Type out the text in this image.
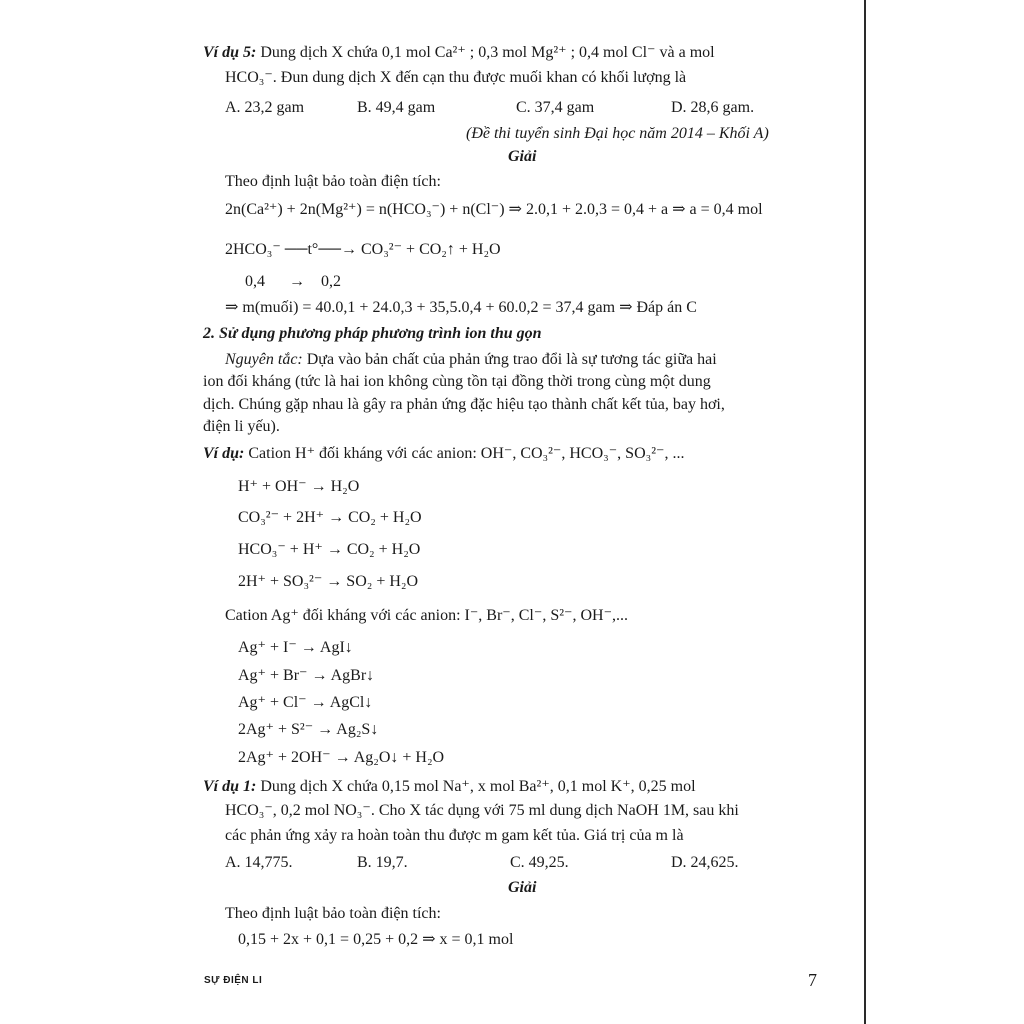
Ví dụ 5: Dung dịch X chứa 0,1 mol Ca²⁺ ; 0,3 mol Mg²⁺ ; 0,4 mol Cl⁻ và a mol
HCO₃⁻. Đun dung dịch X đến cạn thu được muối khan có khối lượng là
A. 23,2 gam	B. 49,4 gam	C. 37,4 gam	D. 28,6 gam.
(Đề thi tuyển sinh Đại học năm 2014 – Khối A)
Giải
Theo định luật bảo toàn điện tích:
2n(Ca²⁺) + 2n(Mg²⁺) = n(HCO₃⁻) + n(Cl⁻) ⇒ 2.0,1 + 2.0,3 = 0,4 + a ⇒ a = 0,4 mol
2HCO₃⁻ ──t°──→ CO₃²⁻ + CO₂↑ + H₂O
0,4      →    0,2
⇒ m(muối) = 40.0,1 + 24.0,3 + 35,5.0,4 + 60.0,2 = 37,4 gam ⇒ Đáp án C
2. Sử dụng phương pháp phương trình ion thu gọn
Nguyên tắc: Dựa vào bản chất của phản ứng trao đổi là sự tương tác giữa hai
ion đối kháng (tức là hai ion không cùng tồn tại đồng thời trong cùng một dung
dịch. Chúng gặp nhau là gây ra phản ứng đặc hiệu tạo thành chất kết tủa, bay hơi,
điện li yếu).
Ví dụ: Cation H⁺ đối kháng với các anion: OH⁻, CO₃²⁻, HCO₃⁻, SO₃²⁻, ...
H⁺ + OH⁻ → H₂O
CO₃²⁻ + 2H⁺ → CO₂ + H₂O
HCO₃⁻ + H⁺ → CO₂ + H₂O
2H⁺ + SO₃²⁻ → SO₂ + H₂O
Cation Ag⁺ đối kháng với các anion: I⁻, Br⁻, Cl⁻, S²⁻, OH⁻,...
Ag⁺ + I⁻ → AgI↓
Ag⁺ + Br⁻ → AgBr↓
Ag⁺ + Cl⁻ → AgCl↓
2Ag⁺ + S²⁻ → Ag₂S↓
2Ag⁺ + 2OH⁻ → Ag₂O↓ + H₂O
Ví dụ 1: Dung dịch X chứa 0,15 mol Na⁺, x mol Ba²⁺, 0,1 mol K⁺, 0,25 mol
HCO₃⁻, 0,2 mol NO₃⁻. Cho X tác dụng với 75 ml dung dịch NaOH 1M, sau khi
các phản ứng xảy ra hoàn toàn thu được m gam kết tủa. Giá trị của m là
A. 14,775.	B. 19,7.	C. 49,25.	D. 24,625.
Giải
Theo định luật bảo toàn điện tích:
0,15 + 2x + 0,1 = 0,25 + 0,2 ⇒ x = 0,1 mol
SỰ ĐIỆN LI	7
